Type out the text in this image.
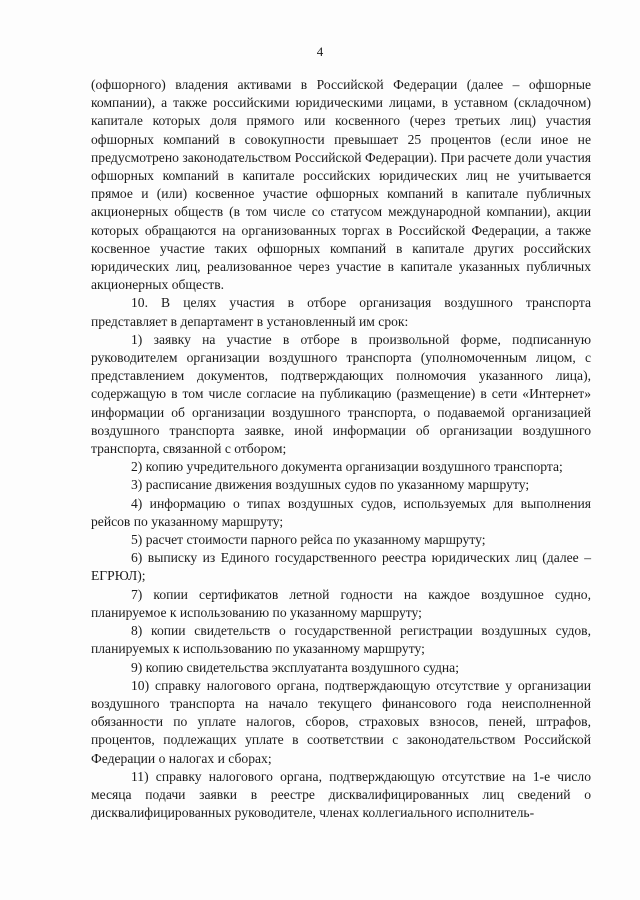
4

(офшорного) владения активами в Российской Федерации (далее – офшорные компании), а также российскими юридическими лицами, в уставном (складочном) капитале которых доля прямого или косвенного (через третьих лиц) участия офшорных компаний в совокупности превышает 25 процентов (если иное не предусмотрено законодательством Российской Федерации). При расчете доли участия офшорных компаний в капитале российских юридических лиц не учитывается прямое и (или) косвенное участие офшорных компаний в капитале публичных акционерных обществ (в том числе со статусом международной компании), акции которых обращаются на организованных торгах в Российской Федерации, а также косвенное участие таких офшорных компаний в капитале других российских юридических лиц, реализованное через участие в капитале указанных публичных акционерных обществ.

10. В целях участия в отборе организация воздушного транспорта представляет в департамент в установленный им срок:

1) заявку на участие в отборе в произвольной форме, подписанную руководителем организации воздушного транспорта (уполномоченным лицом, с представлением документов, подтверждающих полномочия указанного лица), содержащую в том числе согласие на публикацию (размещение) в сети «Интернет» информации об организации воздушного транспорта, о подаваемой организацией воздушного транспорта заявке, иной информации об организации воздушного транспорта, связанной с отбором;

2) копию учредительного документа организации воздушного транспорта;

3) расписание движения воздушных судов по указанному маршруту;

4) информацию о типах воздушных судов, используемых для выполнения рейсов по указанному маршруту;

5) расчет стоимости парного рейса по указанному маршруту;

6) выписку из Единого государственного реестра юридических лиц (далее – ЕГРЮЛ);

7) копии сертификатов летной годности на каждое воздушное судно, планируемое к использованию по указанному маршруту;

8) копии свидетельств о государственной регистрации воздушных судов, планируемых к использованию по указанному маршруту;

9) копию свидетельства эксплуатанта воздушного судна;

10) справку налогового органа, подтверждающую отсутствие у организации воздушного транспорта на начало текущего финансового года неисполненной обязанности по уплате налогов, сборов, страховых взносов, пеней, штрафов, процентов, подлежащих уплате в соответствии с законодательством Российской Федерации о налогах и сборах;

11) справку налогового органа, подтверждающую отсутствие на 1-е число месяца подачи заявки в реестре дисквалифицированных лиц сведений о дисквалифицированных руководителе, членах коллегиального исполнитель-
